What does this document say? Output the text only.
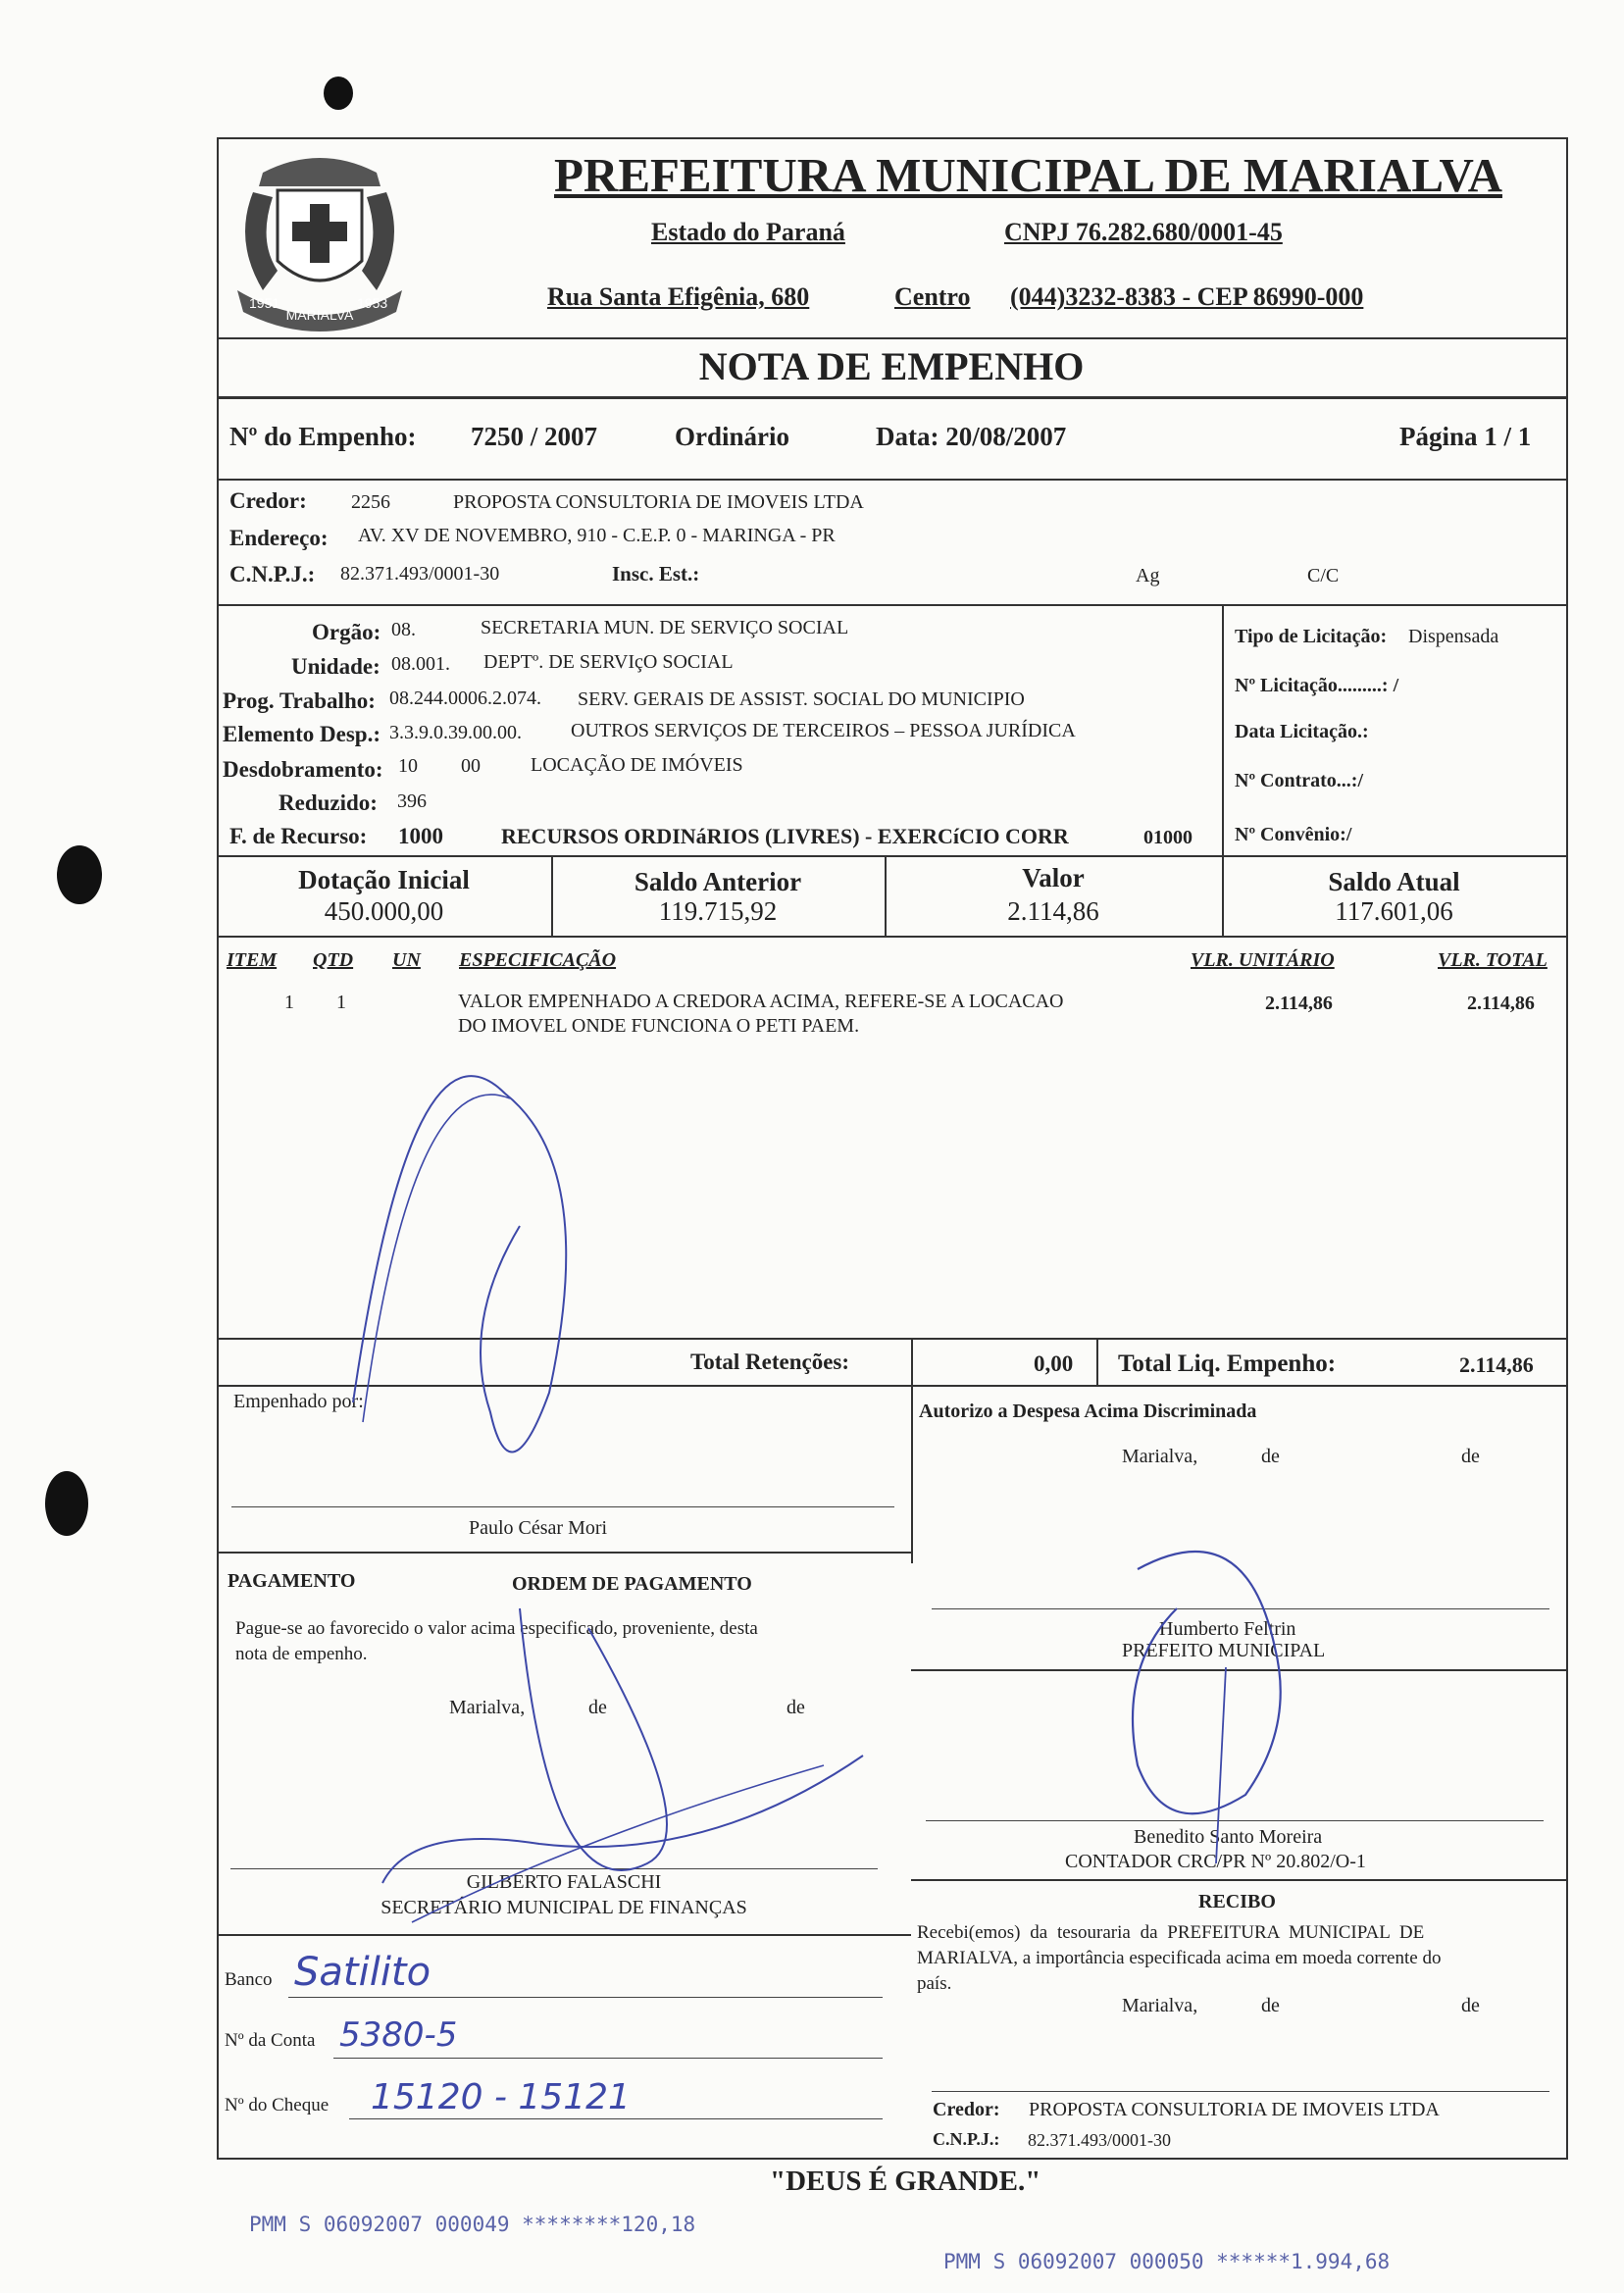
1951
MARIALVA
1953
PREFEITURA MUNICIPAL DE MARIALVA
Estado do Paraná	CNPJ 76.282.680/0001-45
Rua Santa Efigênia, 680	Centro (044)3232-8383 - CEP 86990-000
NOTA DE EMPENHO
Nº do Empenho: 7250 / 2007	Ordinário	Data: 20/08/2007	Página 1 / 1
Credor: 2256	PROPOSTA CONSULTORIA DE IMOVEIS LTDA
Endereço: AV. XV DE NOVEMBRO, 910 - C.E.P. 0 - MARINGA - PR
C.N.P.J.: 82.371.493/0001-30	Insc. Est.:	Ag	C/C
Orgão: 08.	SECRETARIA MUN. DE SERVIÇO SOCIAL
Unidade: 08.001. DEPTº. DE SERVIçO SOCIAL
Prog. Trabalho: 08.244.0006.2.074. SERV. GERAIS DE ASSIST. SOCIAL DO MUNICIPIO
Elemento Desp.: 3.3.9.0.39.00.00.	OUTROS SERVIÇOS DE TERCEIROS – PESSOA JURÍDICA
Desdobramento: 10 00	LOCAÇÃO DE IMÓVEIS
Reduzido: 396
F. de Recurso: 1000	RECURSOS ORDINáRIOS (LIVRES) - EXERCíCIO CORR	01000
Tipo de Licitação: Dispensada
Nº Licitação.........: /
Data Licitação.:
Nº Contrato...:/
Nº Convênio:/
Dotação Inicial
450.000,00
Saldo Anterior
119.715,92
Valor
2.114,86
Saldo Atual
117.601,06
ITEM QTD UN ESPECIFICAÇÃO	VLR. UNITÁRIO	VLR. TOTAL
1 1	VALOR EMPENHADO A CREDORA ACIMA, REFERE-SE A LOCACAO
DO IMOVEL ONDE FUNCIONA O PETI PAEM.
2.114,86	2.114,86
Total Retenções:	0,00 Total Liq. Empenho:	2.114,86
Empenhado por:
Paulo César Mori
Autorizo a Despesa Acima Discriminada
Marialva,	de	de
PAGAMENTO	ORDEM DE PAGAMENTO
Pague-se ao favorecido o valor acima especificado, proveniente, desta
nota de empenho.
Marialva,	de	de
GILBERTO FALASCHI
SECRETÁRIO MUNICIPAL DE FINANÇAS
Humberto Feltrin
PREFEITO MUNICIPAL
Benedito Santo Moreira
CONTADOR CRC/PR Nº 20.802/O-1
RECIBO
Recebi(emos) da tesouraria da PREFEITURA MUNICIPAL DE
MARIALVA, a importância especificada acima em moeda corrente do
país.
Marialva,	de	de
Credor: PROPOSTA CONSULTORIA DE IMOVEIS LTDA
C.N.P.J.: 82.371.493/0001-30
Banco Satilito
Nº da Conta 5380-5
Nº do Cheque 15120 - 15121
"DEUS É GRANDE."
PMM S 06092007 000049 ********120,18
PMM S 06092007 000050 ******1.994,68
